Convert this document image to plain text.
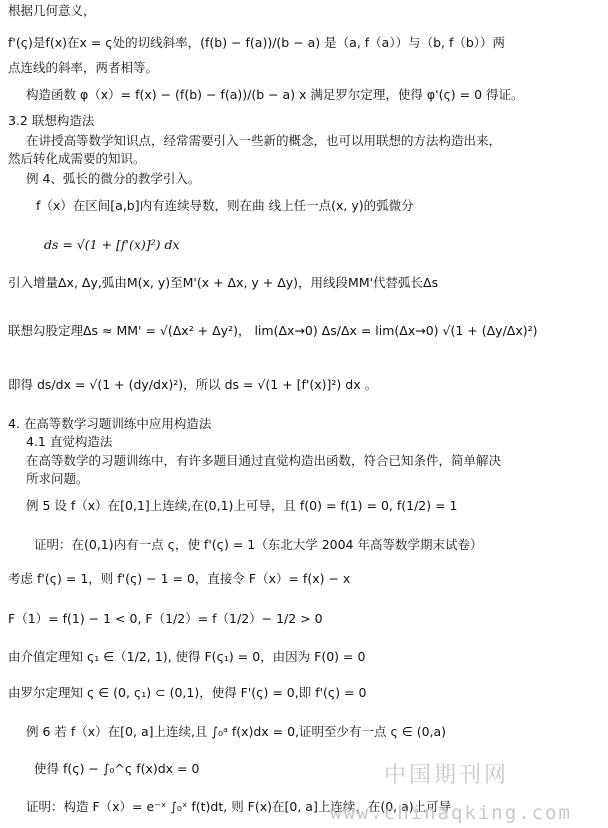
根据几何意义，
f'(ς)是f(x)在x = ς处的切线斜率，(f(b) − f(a))/(b − a) 是（a, f（a））与（b, f（b））两
点连线的斜率，两者相等。
构造函数 φ（x）= f(x) − (f(b) − f(a))/(b − a) x 满足罗尔定理，使得 φ'(ς) = 0 得证。
3.2 联想构造法
在讲授高等数学知识点，经常需要引入一些新的概念，也可以用联想的方法构造出来，
然后转化成需要的知识。
例 4、弧长的微分的教学引入。
f（x）在区间[a,b]内有连续导数，则在曲 线上任一点(x, y)的弧微分
ds = √(1 + [f'(x)]²) dx
引入增量Δx, Δy,弧由M(x, y)至M'(x + Δx, y + Δy)，用线段MM'代替弧长Δs
联想勾股定理Δs ≈ MM' = √(Δx² + Δy²)， lim(Δx→0) Δs/Δx = lim(Δx→0) √(1 + (Δy/Δx)²)
即得 ds/dx = √(1 + (dy/dx)²)，所以 ds = √(1 + [f'(x)]²) dx 。
4. 在高等数学习题训练中应用构造法
4.1 直觉构造法
在高等数学的习题训练中，有许多题目通过直觉构造出函数，符合已知条件，简单解决
所求问题。
例 5 设 f（x）在[0,1]上连续,在(0,1)上可导，且 f(0) = f(1) = 0, f(1/2) = 1
证明：在(0,1)内有一点 ς，使 f'(ς) = 1（东北大学 2004 年高等数学期末试卷）
考虑 f'(ς) = 1，则 f'(ς) − 1 = 0，直接令 F（x）= f(x) − x
F（1）= f(1) − 1 < 0, F（1/2）= f（1/2）− 1/2 > 0
由介值定理知 ς₁ ∈（1/2, 1), 使得 F(ς₁) = 0，由因为 F(0) = 0
由罗尔定理知 ς ∈ (0, ς₁) ⊂ (0,1)，使得 F'(ς) = 0,即 f'(ς) = 0
例 6 若 f（x）在[0, a]上连续,且 ∫₀ᵃ f(x)dx = 0,证明至少有一点 ς ∈ (0,a)
使得 f(ς) − ∫₀^ς f(x)dx = 0
证明：构造 F（x）= e⁻ˣ ∫₀ˣ f(t)dt, 则 F(x)在[0, a]上连续，在(0, a)上可导
中国期刊网
www.chinaqking.com
